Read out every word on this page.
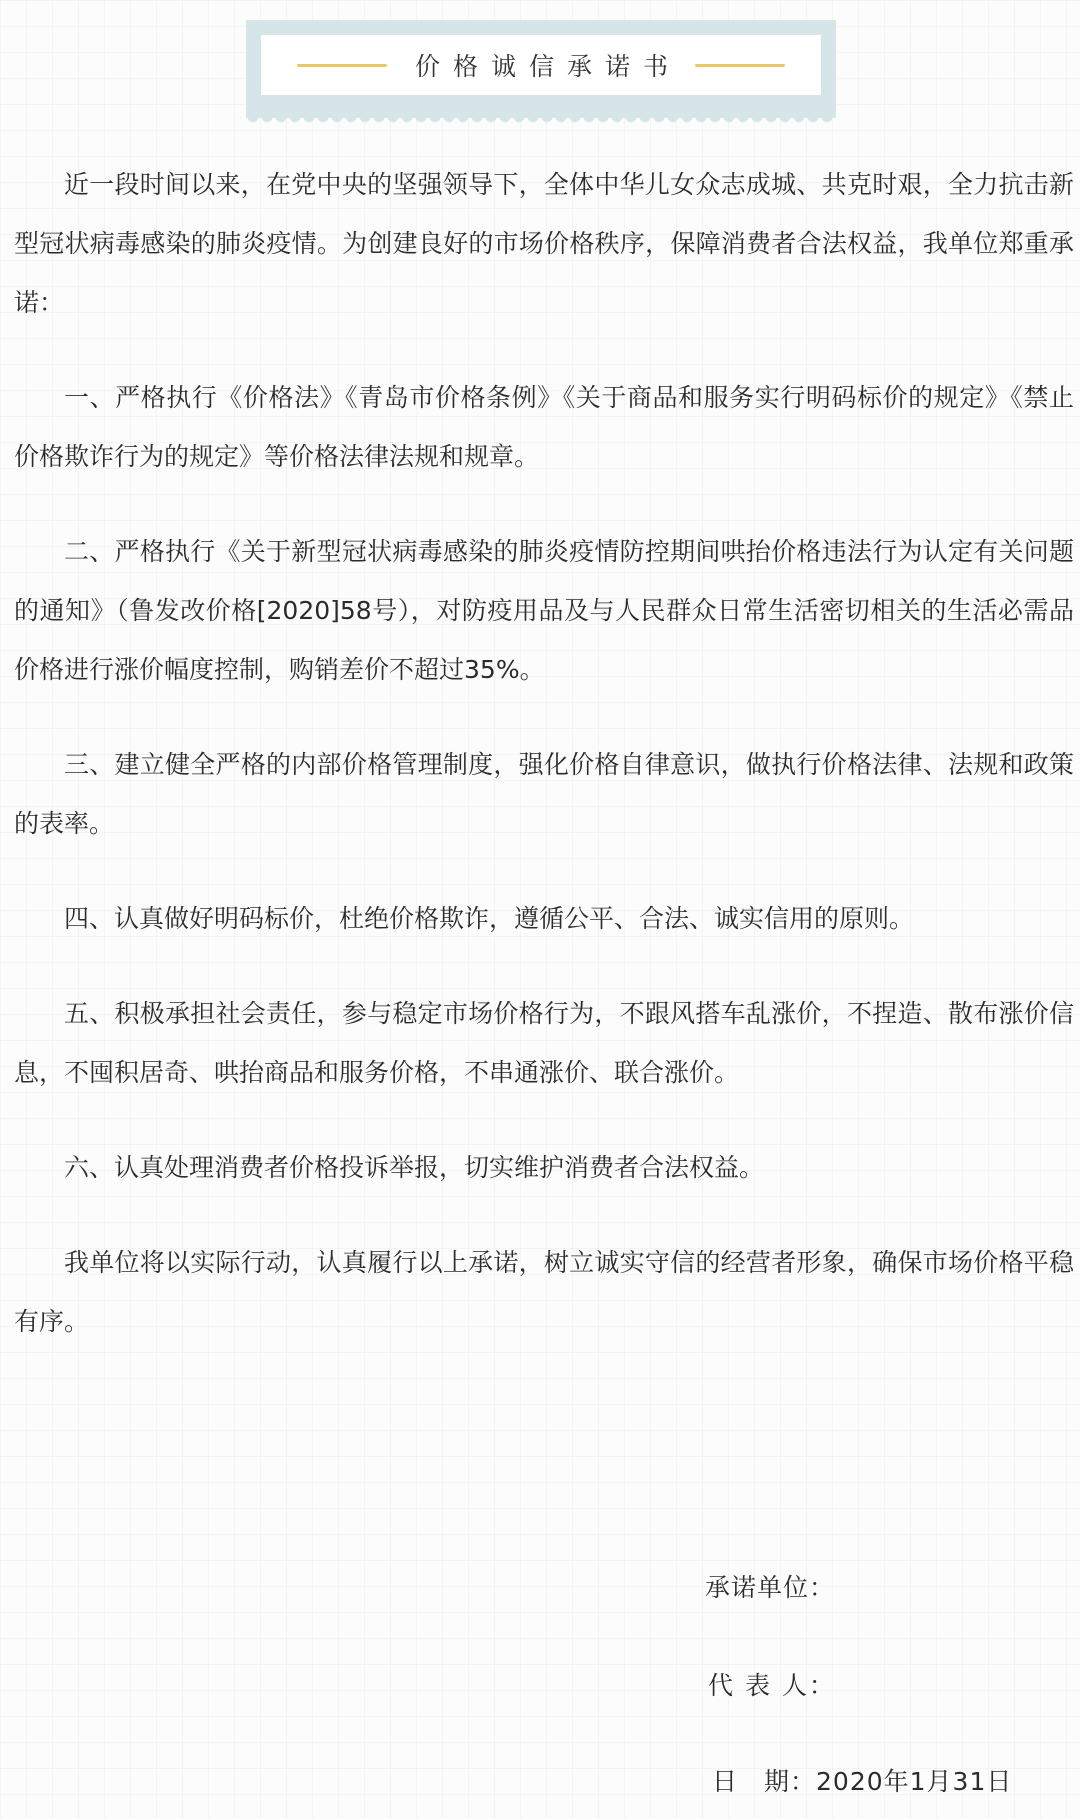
价格诚信承诺书

近一段时间以来，在党中央的坚强领导下，全体中华儿女众志成城、共克时艰，全力抗击新型冠状病毒感染的肺炎疫情。为创建良好的市场价格秩序，保障消费者合法权益，我单位郑重承诺：

一、严格执行《价格法》《青岛市价格条例》《关于商品和服务实行明码标价的规定》《禁止价格欺诈行为的规定》等价格法律法规和规章。

二、严格执行《关于新型冠状病毒感染的肺炎疫情防控期间哄抬价格违法行为认定有关问题的通知》（鲁发改价格[2020]58号），对防疫用品及与人民群众日常生活密切相关的生活必需品价格进行涨价幅度控制，购销差价不超过35%。

三、建立健全严格的内部价格管理制度，强化价格自律意识，做执行价格法律、法规和政策的表率。

四、认真做好明码标价，杜绝价格欺诈，遵循公平、合法、诚实信用的原则。

五、积极承担社会责任，参与稳定市场价格行为，不跟风搭车乱涨价，不捏造、散布涨价信息，不囤积居奇、哄抬商品和服务价格，不串通涨价、联合涨价。

六、认真处理消费者价格投诉举报，切实维护消费者合法权益。

我单位将以实际行动，认真履行以上承诺，树立诚实守信的经营者形象，确保市场价格平稳有序。

承诺单位：
代 表 人：
日　期：2020年1月31日
